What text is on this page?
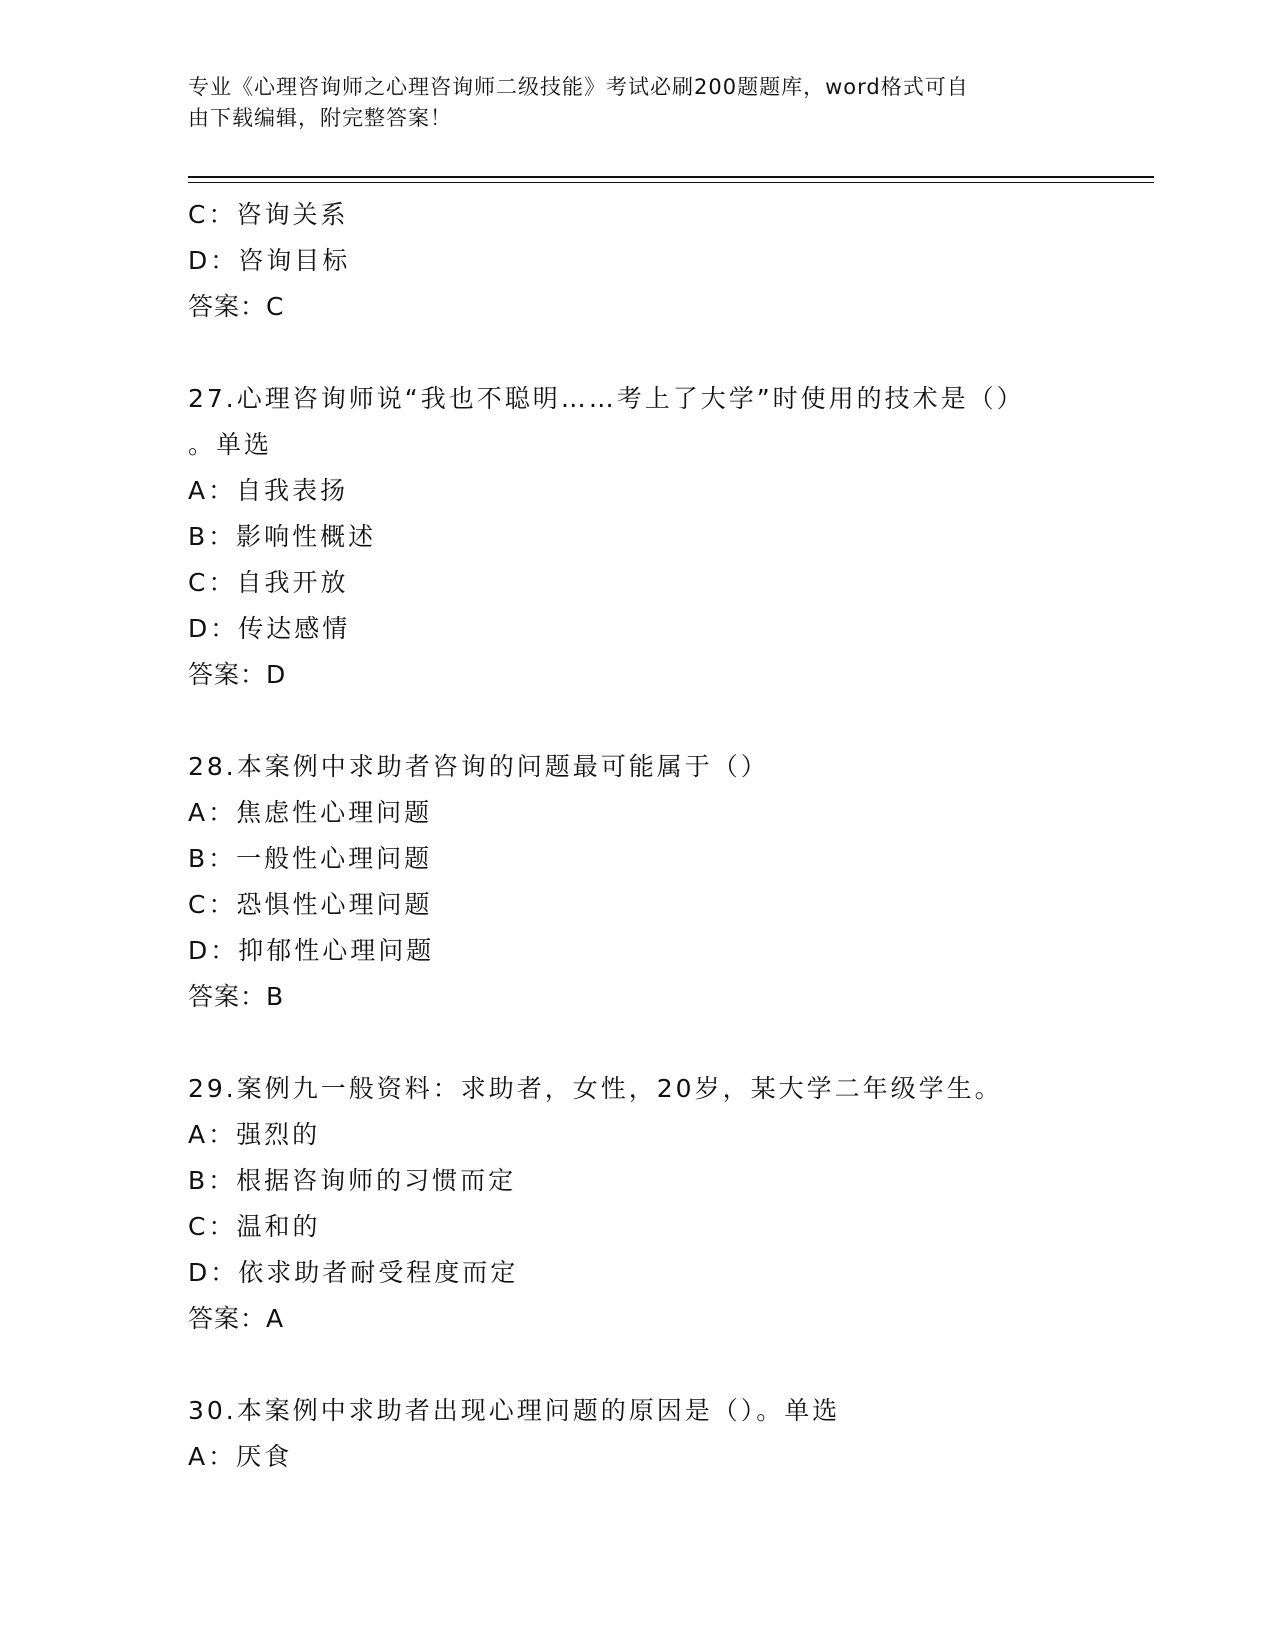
专业《心理咨询师之心理咨询师二级技能》考试必刷200题题库，word格式可自
由下载编辑，附完整答案！
C：咨询关系
D：咨询目标
答案：C
27.心理咨询师说“我也不聪明……考上了大学”时使用的技术是（）
。单选
A：自我表扬
B：影响性概述
C：自我开放
D：传达感情
答案：D
28.本案例中求助者咨询的问题最可能属于（）
A：焦虑性心理问题
B：一般性心理问题
C：恐惧性心理问题
D：抑郁性心理问题
答案：B
29.案例九一般资料：求助者，女性，20岁，某大学二年级学生。
A：强烈的
B：根据咨询师的习惯而定
C：温和的
D：依求助者耐受程度而定
答案：A
30.本案例中求助者出现心理问题的原因是（）。单选
A：厌食
